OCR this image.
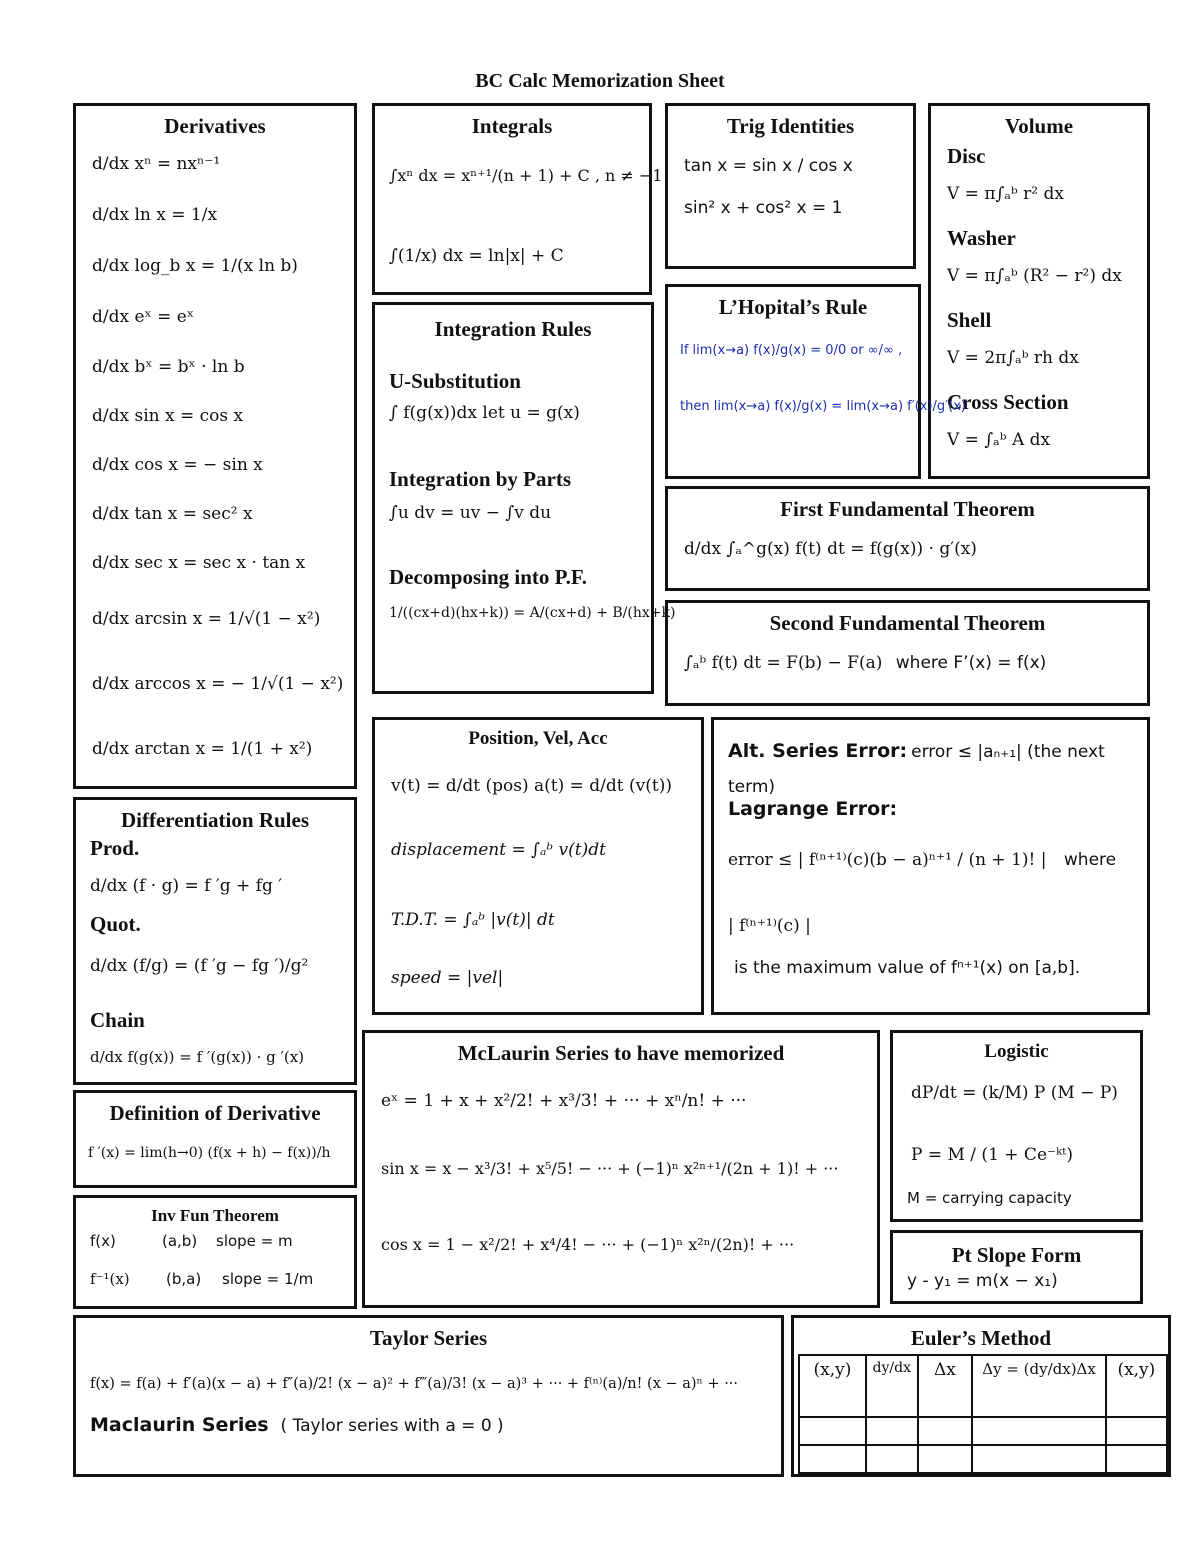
BC Calc Memorization Sheet
Derivatives
d/dx xⁿ = nxⁿ⁻¹
d/dx ln x = 1/x
d/dx log_b x = 1/(x ln b)
d/dx eˣ = eˣ
d/dx bˣ = bˣ · ln b
d/dx sin x = cos x
d/dx cos x = − sin x
d/dx tan x = sec² x
d/dx sec x = sec x · tan x
d/dx arcsin x = 1/√(1 − x²)
d/dx arccos x = − 1/√(1 − x²)
d/dx arctan x = 1/(1 + x²)
Integrals
∫xⁿ dx = xⁿ⁺¹/(n + 1) + C , n ≠ −1
∫(1/x) dx = ln|x| + C
Trig Identities
tan x = sin x / cos x
sin² x + cos² x = 1
Volume
Disc
V = π∫ₐᵇ r² dx
Washer
V = π∫ₐᵇ (R² − r²) dx
Shell
V = 2π∫ₐᵇ rh dx
Cross Section
V = ∫ₐᵇ A dx
Integration Rules
U-Substitution
∫ f(g(x))dx let u = g(x)
Integration by Parts
∫u dv = uv − ∫v du
Decomposing into P.F.
1/((cx+d)(hx+k)) = A/(cx+d) + B/(hx+k)
L’Hopital’s Rule
If lim(x→a) f(x)/g(x) = 0/0 or ∞/∞ ,
then lim(x→a) f(x)/g(x) = lim(x→a) f′(x)/g′(x)
First Fundamental Theorem
d/dx ∫ₐ^g(x) f(t) dt = f(g(x)) · g′(x)
Second Fundamental Theorem
∫ₐᵇ f(t) dt = F(b) − F(a) where F’(x) = f(x)
Differentiation Rules
Prod.
d/dx (f · g) = f ′g + fg ′
Quot.
d/dx (f/g) = (f ′g − fg ′)/g²
Chain
d/dx f(g(x)) = f ′(g(x)) · g ′(x)
Position, Vel, Acc
v(t) = d/dt (pos) a(t) = d/dt (v(t))
displacement = ∫ₐᵇ v(t)dt
T.D.T. = ∫ₐᵇ |v(t)| dt
speed = |vel|
Alt. Series Error: error ≤ |aₙ₊₁| (the next term)
Lagrange Error:
error ≤ | f⁽ⁿ⁺¹⁾(c)(b − a)ⁿ⁺¹ / (n + 1)! | where
| f⁽ⁿ⁺¹⁾(c) |
is the maximum value of fⁿ⁺¹(x) on [a,b].
Definition of Derivative
f ′(x) = lim(h→0) (f(x + h) − f(x))/h
Inv Fun Theorem
f(x)	(a,b) slope = m
f⁻¹(x) (b,a) slope = 1/m
McLaurin Series to have memorized
eˣ = 1 + x + x²/2! + x³/3! + ··· + xⁿ/n! + ···
sin x = x − x³/3! + x⁵/5! − ··· + (−1)ⁿ x²ⁿ⁺¹/(2n + 1)! + ···
cos x = 1 − x²/2! + x⁴/4! − ··· + (−1)ⁿ x²ⁿ/(2n)! + ···
Logistic
dP/dt = (k/M) P (M − P)
P = M / (1 + Ce⁻ᵏᵗ)
M = carrying capacity
Pt Slope Form
y - y₁ = m(x − x₁)
Taylor Series
f(x) = f(a) + f′(a)(x − a) + f″(a)/2! (x − a)² + f‴(a)/3! (x − a)³ + ··· + f⁽ⁿ⁾(a)/n! (x − a)ⁿ + ···
Maclaurin Series ( Taylor series with a = 0 )
Euler’s Method
(x,y)	dy/dx	Δx	Δy = (dy/dx)Δx	(x,y)
